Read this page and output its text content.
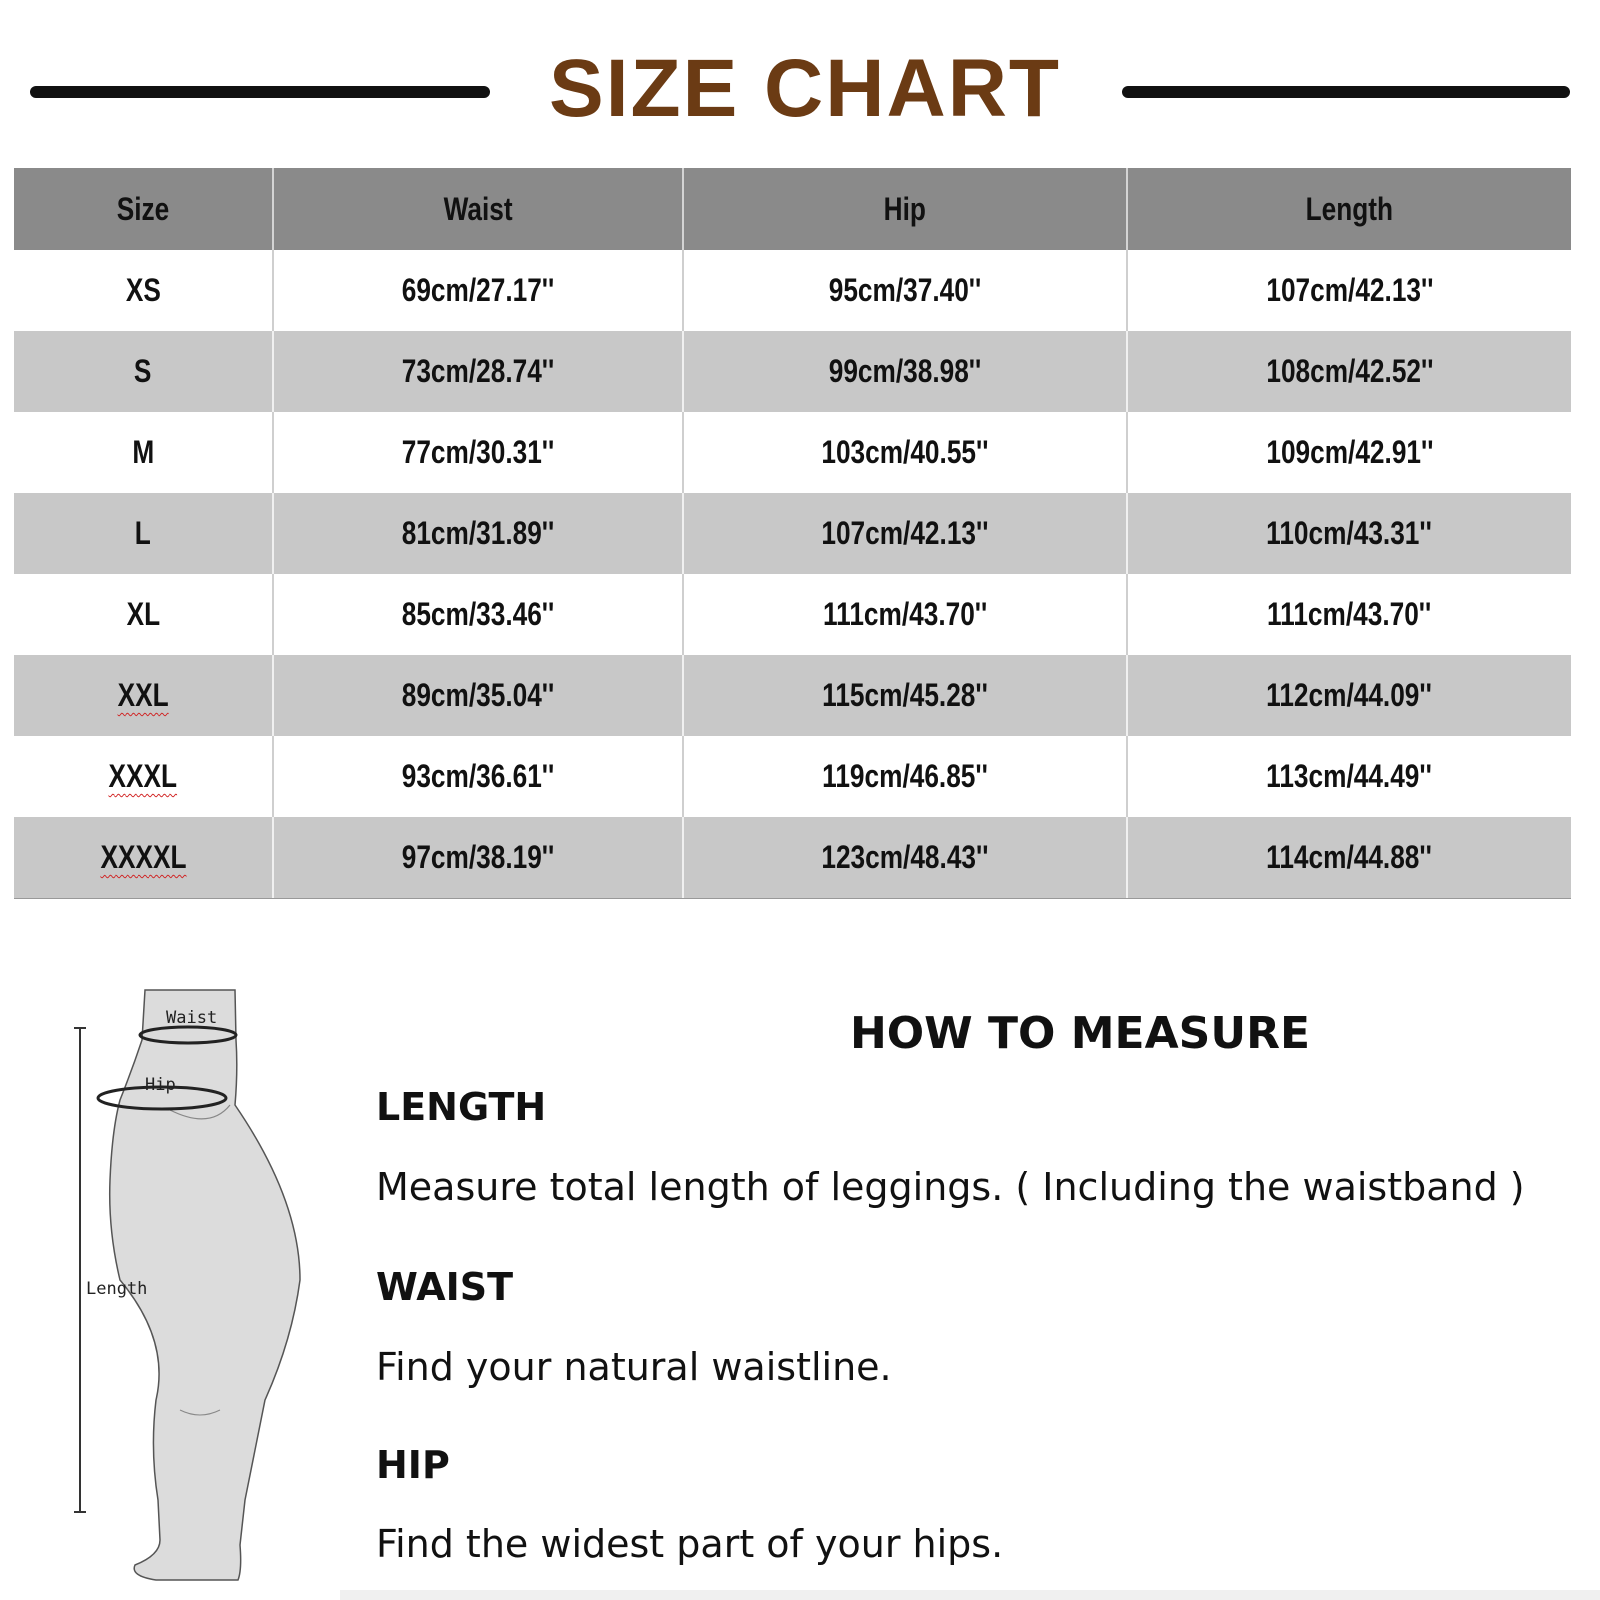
SIZE CHART
Size	Waist	Hip	Length
XS	69cm/27.17''	95cm/37.40''	107cm/42.13''
S	73cm/28.74''	99cm/38.98''	108cm/42.52''
M	77cm/30.31''	103cm/40.55''	109cm/42.91''
L	81cm/31.89''	107cm/42.13''	110cm/43.31''
XL	85cm/33.46''	111cm/43.70''	111cm/43.70''
XXL	89cm/35.04''	115cm/45.28''	112cm/44.09''
XXXL	93cm/36.61''	119cm/46.85''	113cm/44.49''
XXXXL	97cm/38.19''	123cm/48.43''	114cm/44.88''
Waist
Hip
Length
HOW TO MEASURE
LENGTH
Measure total length of leggings. ( Including the waistband )
WAIST
Find your natural waistline.
HIP
Find the widest part of your hips.
